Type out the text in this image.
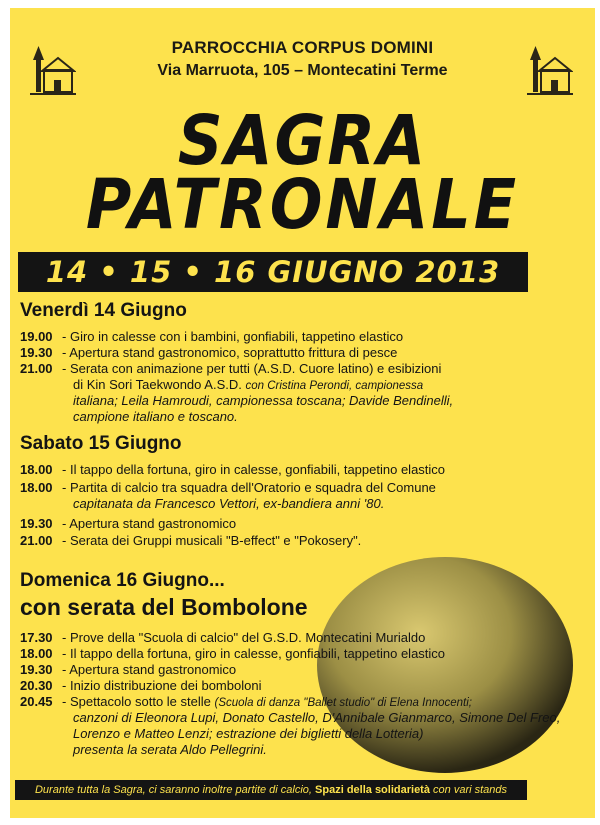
PARROCCHIA CORPUS DOMINI
Via Marruota, 105 – Montecatini Terme
SAGRA
PATRONALE
14 • 15 • 16 GIUGNO 2013
Venerdì 14 Giugno
19.00 - Giro in calesse con i bambini, gonfiabili, tappetino elastico
19.30 - Apertura stand gastronomico, soprattutto frittura di pesce
21.00 - Serata con animazione per tutti (A.S.D. Cuore latino) e esibizioni
di Kin Sori Taekwondo A.S.D. con Cristina Perondi, campionessa
italiana; Leila Hamroudi, campionessa toscana; Davide Bendinelli,
campione italiano e toscano.
Sabato 15 Giugno
18.00 - Il tappo della fortuna, giro in calesse, gonfiabili, tappetino elastico
18.00 - Partita di calcio tra squadra dell'Oratorio e squadra del Comune
capitanata da Francesco Vettori, ex-bandiera anni '80.
19.30 - Apertura stand gastronomico
21.00 - Serata dei Gruppi musicali "B-effect" e "Pokosery".
Domenica 16 Giugno...
con serata del Bombolone
17.30 - Prove della "Scuola di calcio" del G.S.D. Montecatini Murialdo
18.00 - Il tappo della fortuna, giro in calesse, gonfiabili, tappetino elastico
19.30 - Apertura stand gastronomico
20.30 - Inizio distribuzione dei bomboloni
20.45 - Spettacolo sotto le stelle (Scuola di danza "Ballet studio" di Elena Innocenti;
canzoni di Eleonora Lupi, Donato Castello, D'Annibale Gianmarco, Simone Del Freo,
Lorenzo e Matteo Lenzi; estrazione dei biglietti della Lotteria)
presenta la serata Aldo Pellegrini.
Durante tutta la Sagra, ci saranno inoltre partite di calcio, Spazi della solidarietà con vari stands
